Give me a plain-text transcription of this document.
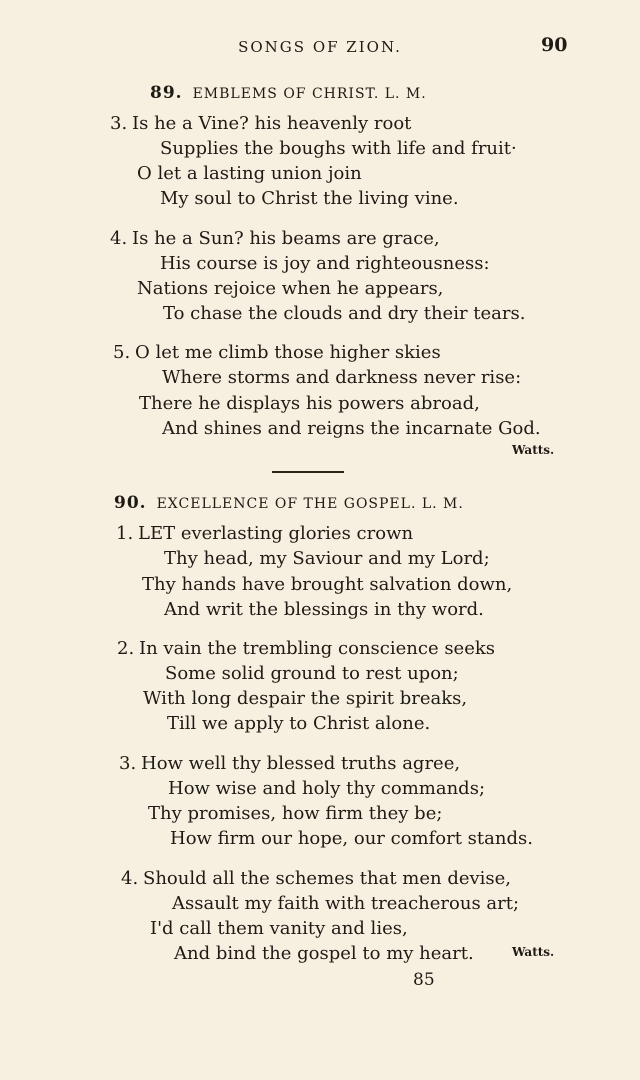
SONGS OF ZION.	90
89. EMBLEMS OF CHRIST. L. M.
3. Is he a Vine? his heavenly root
Supplies the boughs with life and fruit·
O let a lasting union join
My soul to Christ the living vine.
4. Is he a Sun? his beams are grace,
His course is joy and righteousness:
Nations rejoice when he appears,
To chase the clouds and dry their tears.
5. O let me climb those higher skies
Where storms and darkness never rise:
There he displays his powers abroad,
And shines and reigns the incarnate God.
Watts.
90. EXCELLENCE OF THE GOSPEL. L. M.
1. LET everlasting glories crown
Thy head, my Saviour and my Lord;
Thy hands have brought salvation down,
And writ the blessings in thy word.
2. In vain the trembling conscience seeks
Some solid ground to rest upon;
With long despair the spirit breaks,
Till we apply to Christ alone.
3. How well thy blessed truths agree,
How wise and holy thy commands;
Thy promises, how firm they be;
How firm our hope, our comfort stands.
4. Should all the schemes that men devise,
Assault my faith with treacherous art;
I'd call them vanity and lies,
And bind the gospel to my heart.	Watts.
85
